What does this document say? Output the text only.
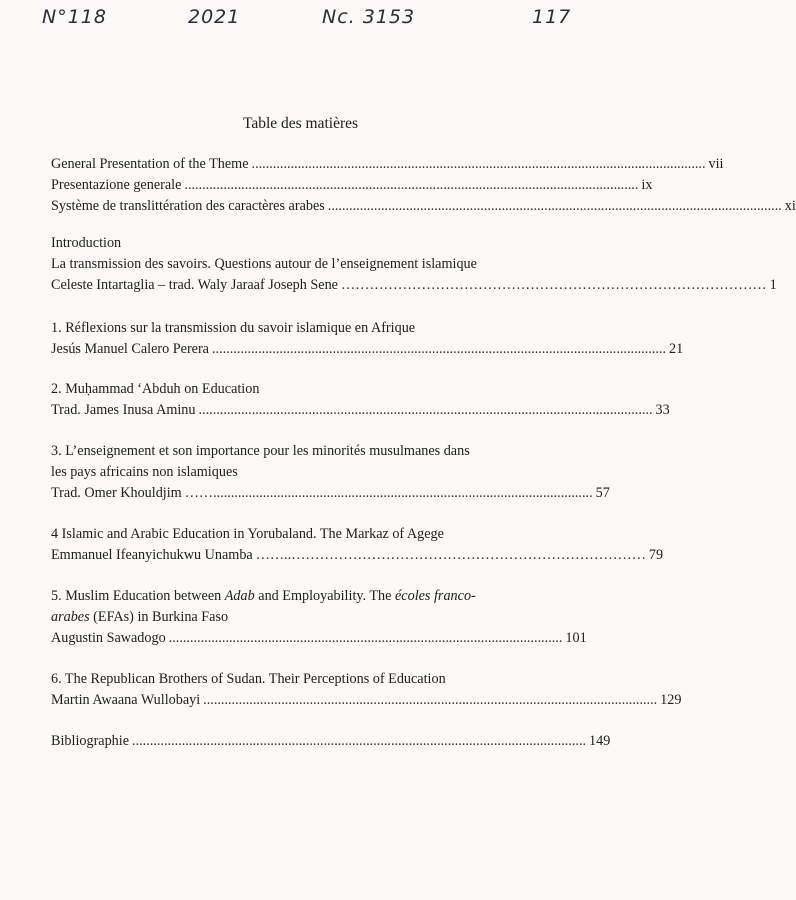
N°118	2021	Nc. 3153	117
Table des matières
General Presentation of the Theme ................................................................................................................................ vii
Presentazione generale ................................................................................................................................ ix
Système de translittération des caractères arabes ................................................................................................................................ xi
Introduction
La transmission des savoirs. Questions autour de l’enseignement islamique
Celeste Intartaglia – trad. Waly Jaraaf Joseph Sene ……………………………………………………………………………… 1
1. Réflexions sur la transmission du savoir islamique en Afrique
Jesús Manuel Calero Perera ................................................................................................................................ 21
2. Muḥammad ‘Abduh on Education
Trad. James Inusa Aminu ................................................................................................................................ 33
3. L’enseignement et son importance pour les minorités musulmanes dans
les pays africains non islamiques
Trad. Omer Khouldjim ……........................................................................................................... 57
4 Islamic and Arabic Education in Yorubaland. The Markaz of Agege
Emmanuel Ifeanyichukwu Unamba ……..………………………………………………………………… 79
5. Muslim Education between Adab and Employability. The écoles franco-
arabes (EFAs) in Burkina Faso
Augustin Sawadogo ............................................................................................................... 101
6. The Republican Brothers of Sudan. Their Perceptions of Education
Martin Awaana Wullobayi ................................................................................................................................ 129
Bibliographie ................................................................................................................................ 149
